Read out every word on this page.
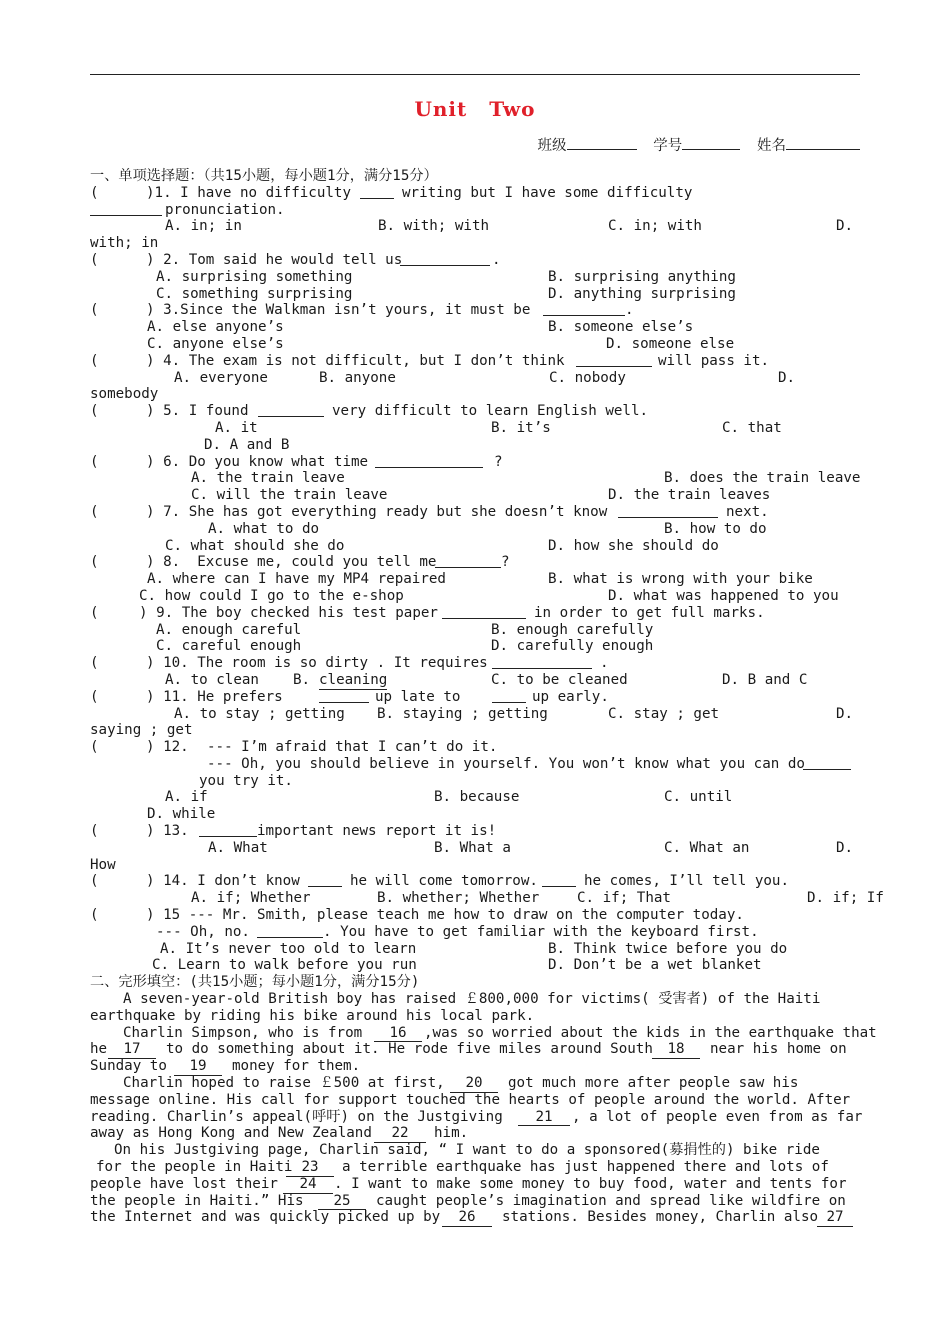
Unit Two
班级	学号	姓名
一、单项选择题：（共15小题，每小题1分，满分15分）

(

	)1. I have no difficulty

	writing but I have some difficulty

pronunciation.

A. in; in

	B. with; with

	C. in; with

	D.

with; in

(

	) 2. Tom said he would tell us

	.

A. surprising something

	B. surprising anything

C. something surprising

	D. anything surprising

(

	) 3.Since the Walkman isn’t yours, it must be

	.

A. else anyone’s

	B. someone else’s

C. anyone else’s

	D. someone else

(

	) 4. The exam is not difficult, but I don’t think

	will pass it.

A. everyone

	B. anyone

	C. nobody

	D.

somebody

(

	) 5. I found

	very difficult to learn English well.

A. it

	B. it’s

	C. that

D. A and B

(

	) 6. Do you know what time

	?

A. the train leave

	B. does the train leave

C. will the train leave

	D. the train leaves

(

	) 7. She has got everything ready but she doesn’t know

	next.

A. what to do

	B. how to do

C. what should she do

	D. how she should do

(

	) 8.  Excuse me, could you tell me

	?

A. where can I have my MP4 repaired

	B. what is wrong with your bike

C. how could I go to the e-shop

	D. what was happened to you

(

	) 9. The boy checked his test paper

	in order to get full marks.

A. enough careful

	B. enough carefully

C. careful enough

	D. carefully enough

(

	) 10. The room is so dirty . It requires

	.

A. to clean

B.

cleaning

	C. to be cleaned

	D. B and C

(

	) 11. He prefers

	up late to

	up early.

A. to stay ; getting

B. staying ; getting

	C. stay ; get

	D.

saying ; get

(

	) 12.

--- I’m afraid that I can’t do it.

--- Oh, you should believe in yourself. You won’t know what you can do

you try it.

A. if

	B. because

	C. until

D. while

(

	) 13.

	important news report it is!

A. What

	B. What a

	C. What an

	D.

How

(

	) 14. I don’t know

	he will come tomorrow.

	he comes, I’ll tell you.

A. if; Whether

	B. whether; Whether

	C. if; That

	D. if; If

(

	) 15 --- Mr. Smith, please teach me how to draw on the computer today.

--- Oh, no.

	. You have to get familiar with the keyboard first.

A. It’s never too old to learn

	B. Think twice before you do

C. Learn to walk before you run

	D. Don’t be a wet blanket

二、完形填空：(共15小题；每小题1分，满分15分)
A seven-year-old British boy has raised ￡800,000 for victims( 受害者) of the Haiti
earthquake by riding his bike around his local park.

Charlin Simpson, who is from

	16

	,was so worried about the kids in the earthquake that

he

	17

	to do something about it. He rode five miles around South

	18

	near his home on

Sunday to

	19

	money for them.

Charlin hoped to raise ￡500 at first,

	20

	got much more after people saw his

message online. His call for support touched the hearts of people around the world. After

reading. Charlin’s appeal(呼吁) on the Justgiving

	21

	, a lot of people even from as far

away as Hong Kong and New Zealand

	22

	him.

On his Justgiving page, Charlin said, “ I want to do a sponsored(募捐性的) bike ride

for the people in Haiti

23

	a terrible earthquake has just happened there and lots of

people have lost their

	24

	. I want to make some money to buy food, water and tents for

the people in Haiti.” His

	25

	caught people’s imagination and spread like wildfire on

the Internet and was quickly picked up by

	26

	stations. Besides money, Charlin also

27
